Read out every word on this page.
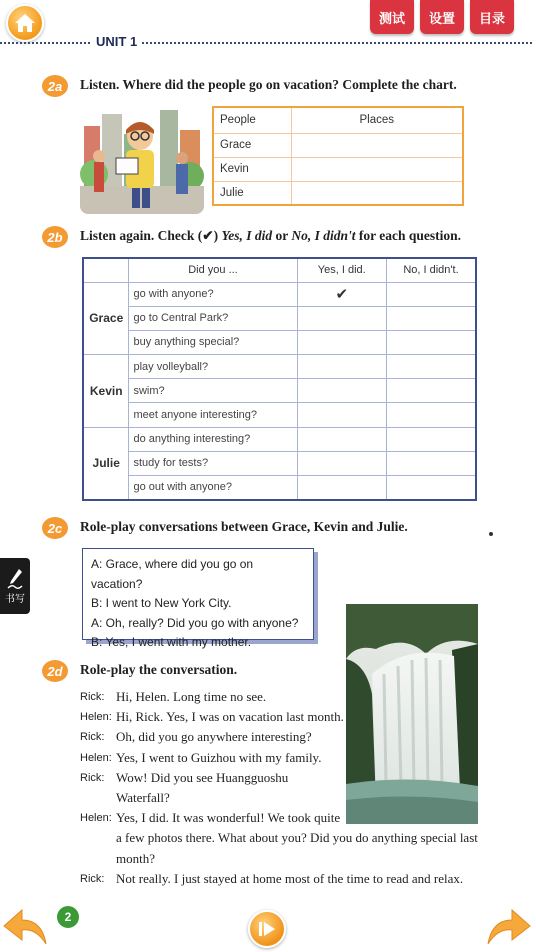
测试	设置	目录
UNIT 1
2a	Listen. Where did the people go on vacation? Complete the chart.
People	Places
Grace	
Kevin	
Julie	
2b	Listen again. Check (✔) Yes, I did or No, I didn't for each question.
	Did you ...	Yes, I did.	No, I didn't.
Grace	go with anyone?	✔	
	go to Central Park?		
	buy anything special?		
Kevin	play volleyball?		
	swim?		
	meet anyone interesting?		
Julie	do anything interesting?		
	study for tests?		
	go out with anyone?		
2c	Role-play conversations between Grace, Kevin and Julie.
A: Grace, where did you go on vacation?
B: I went to New York City.
A: Oh, really? Did you go with anyone?
B: Yes, I went with my mother.
书写
2d	Role-play the conversation.
Rick: Hi, Helen. Long time no see.
Helen: Hi, Rick. Yes, I was on vacation last month.
Rick: Oh, did you go anywhere interesting?
Helen: Yes, I went to Guizhou with my family.
Rick: Wow! Did you see Huangguoshu
Waterfall?
Helen: Yes, I did. It was wonderful! We took quite
a few photos there. What about you? Did you do anything special last
month?
Rick: Not really. I just stayed at home most of the time to read and relax.
2
